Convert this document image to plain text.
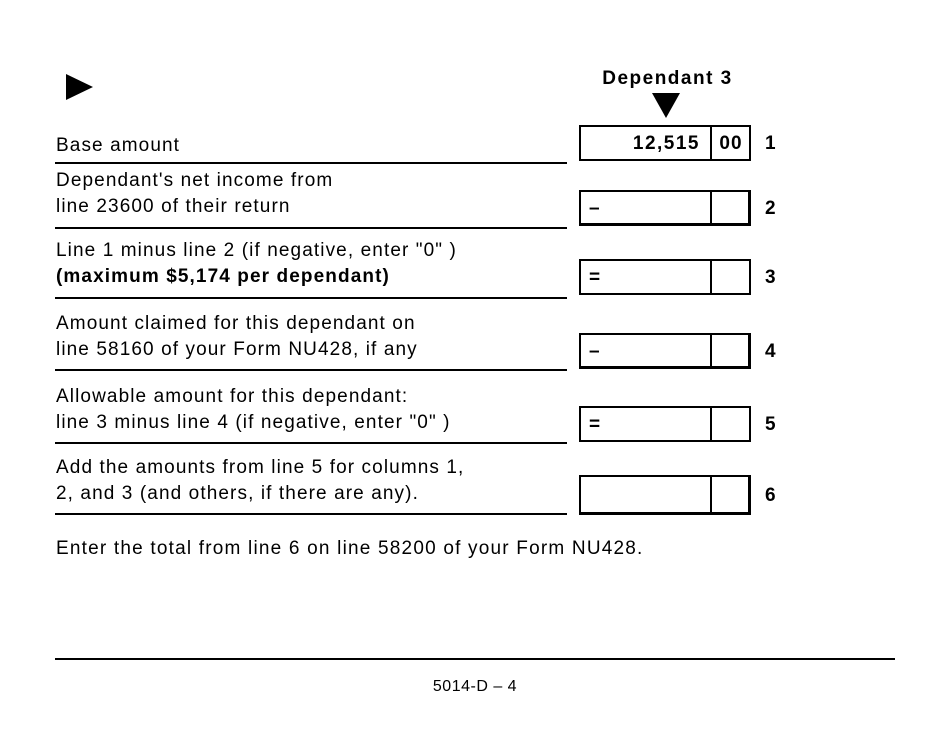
Dependant 3
Base amount	12,515 00 1
Dependant's net income from
line 23600 of their return	–	2
Line 1 minus line 2 (if negative, enter "0" )
(maximum $5,174 per dependant)	=	3
Amount claimed for this dependant on
line 58160 of your Form NU428, if any	–	4
Allowable amount for this dependant:
line 3 minus line 4 (if negative, enter "0" )	=	5
Add the amounts from line 5 for columns 1,
2, and 3 (and others, if there are any).	6
Enter the total from line 6 on line 58200 of your Form NU428.
5014-D – 4
